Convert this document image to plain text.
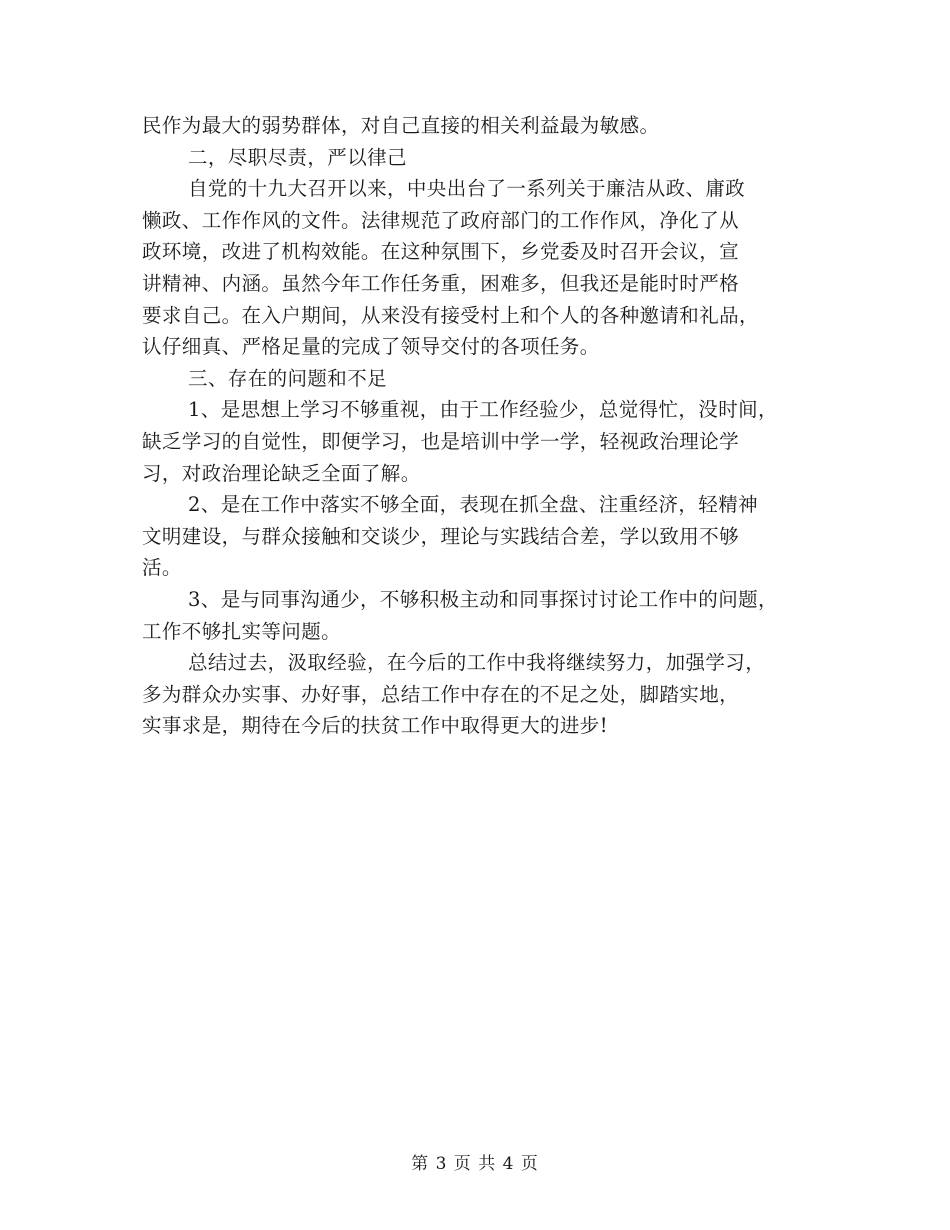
民作为最大的弱势群体，对自己直接的相关利益最为敏感。
二，尽职尽责，严以律己
自党的十九大召开以来，中央出台了一系列关于廉洁从政、庸政
懒政、工作作风的文件。法律规范了政府部门的工作作风，净化了从
政环境，改进了机构效能。在这种氛围下，乡党委及时召开会议，宣
讲精神、内涵。虽然今年工作任务重，困难多，但我还是能时时严格
要求自己。在入户期间，从来没有接受村上和个人的各种邀请和礼品，
认仔细真、严格足量的完成了领导交付的各项任务。
三、存在的问题和不足
1、是思想上学习不够重视，由于工作经验少，总觉得忙，没时间，
缺乏学习的自觉性，即便学习，也是培训中学一学，轻视政治理论学
习，对政治理论缺乏全面了解。
2、是在工作中落实不够全面，表现在抓全盘、注重经济，轻精神
文明建设，与群众接触和交谈少，理论与实践结合差，学以致用不够
活。
3、是与同事沟通少，不够积极主动和同事探讨讨论工作中的问题，
工作不够扎实等问题。
总结过去，汲取经验，在今后的工作中我将继续努力，加强学习，
多为群众办实事、办好事，总结工作中存在的不足之处，脚踏实地，
实事求是，期待在今后的扶贫工作中取得更大的进步!
第 3 页 共 4 页
